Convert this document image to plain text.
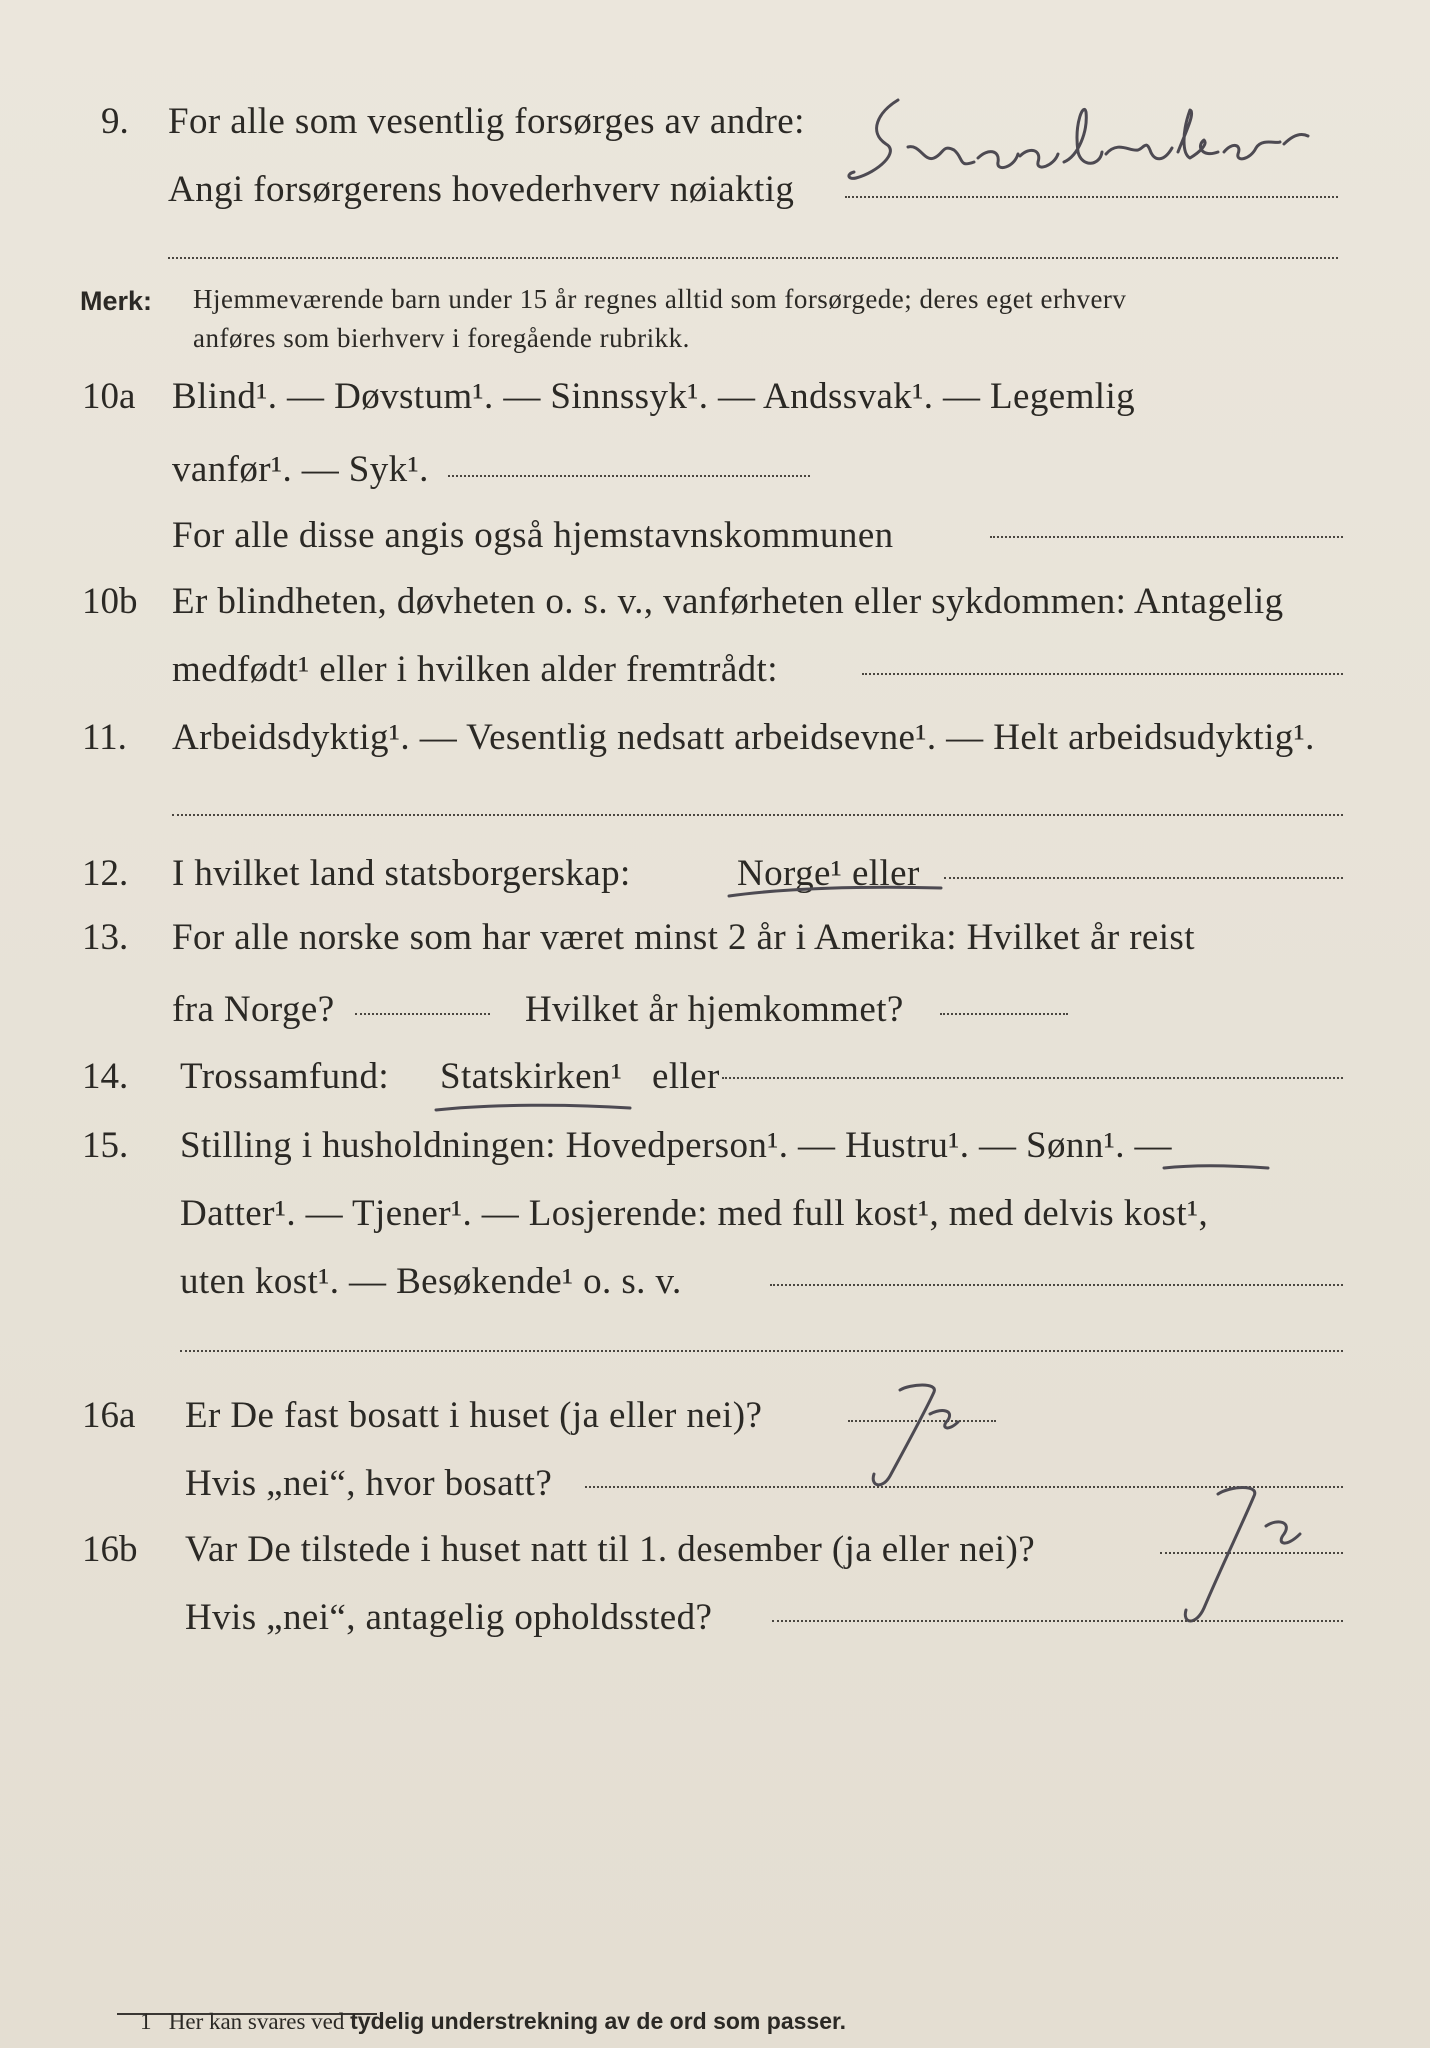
9. For alle som vesentlig forsørges av andre:
Angi forsørgerens hovederhverv nøiaktig
Merk: Hjemmeværende barn under 15 år regnes alltid som forsørgede; deres eget erhverv
anføres som bierhverv i foregående rubrikk.
10a Blind¹. — Døvstum¹. — Sinnssyk¹. — Andssvak¹. — Legemlig
vanfør¹. — Syk¹.
For alle disse angis også hjemstavnskommunen
10b Er blindheten, døvheten o. s. v., vanførheten eller sykdommen: Antagelig
medfødt¹ eller i hvilken alder fremtrådt:
11. Arbeidsdyktig¹. — Vesentlig nedsatt arbeidsevne¹. — Helt arbeidsudyktig¹.
12. I hvilket land statsborgerskap:	Norge¹ eller
13. For alle norske som har været minst 2 år i Amerika: Hvilket år reist
fra Norge?	Hvilket år hjemkommet?
14. Trossamfund: Statskirken¹ eller
15. Stilling i husholdningen: Hovedperson¹. — Hustru¹. — Sønn¹. —
Datter¹. — Tjener¹. — Losjerende: med full kost¹, med delvis kost¹,
uten kost¹. — Besøkende¹ o. s. v.
16a Er De fast bosatt i huset (ja eller nei)?
Hvis „nei“, hvor bosatt?
16b Var De tilstede i huset natt til 1. desember (ja eller nei)?
Hvis „nei“, antagelig opholdssted?
1 Her kan svares ved tydelig understrekning av de ord som passer.
